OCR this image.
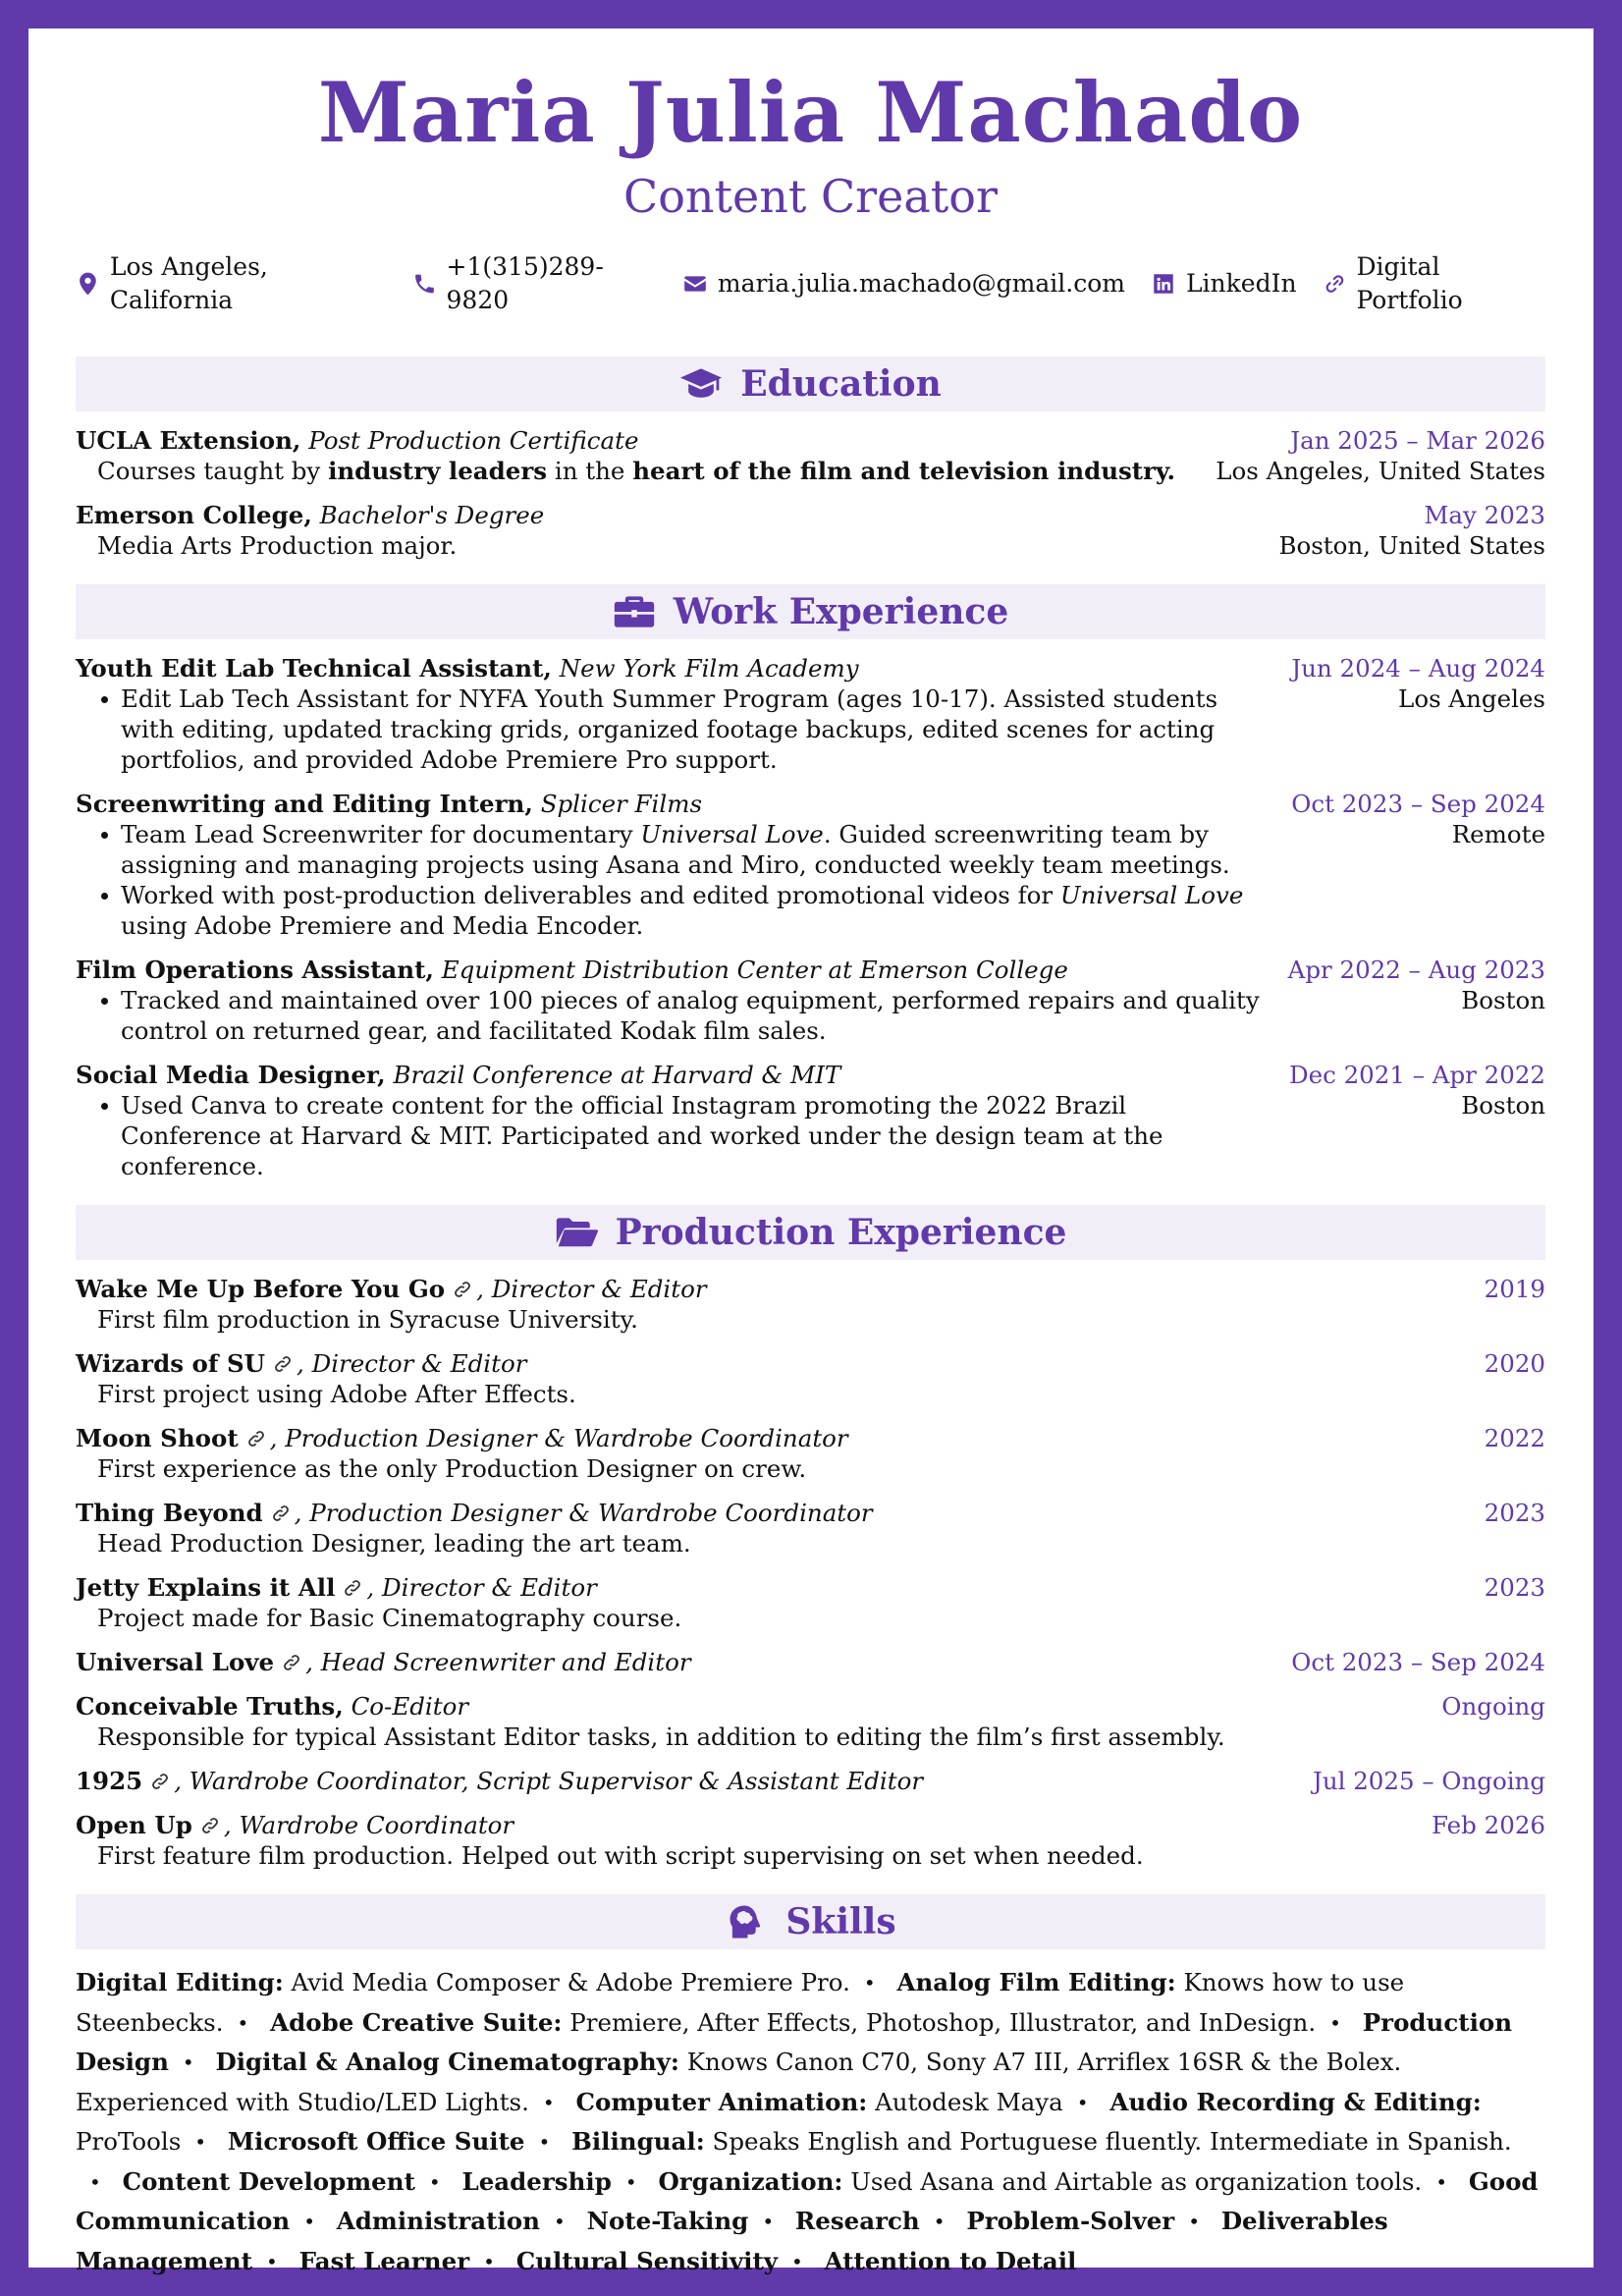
Maria Julia Machado
Content Creator
Los Angeles, California
+1(315)289-9820
maria.julia.machado@gmail.com LinkedIn
Digital Portfolio
Education
UCLA Extension, Post Production Certificate	Jan 2025 – Mar 2026
Courses taught by industry leaders in the heart of the film and television industry. Los Angeles, United States
Emerson College, Bachelor's Degree	May 2023
Media Arts Production major.	Boston, United States
Work Experience
Youth Edit Lab Technical Assistant, New York Film Academy	Jun 2024 – Aug 2024
Edit Lab Tech Assistant for NYFA Youth Summer Program (ages 10-17). Assisted students with editing, updated tracking grids, organized footage backups, edited scenes for acting portfolios, and provided Adobe Premiere Pro support.
Los Angeles
Screenwriting and Editing Intern, Splicer Films	Oct 2023 – Sep 2024
Team Lead Screenwriter for documentary Universal Love. Guided screenwriting team by assigning and managing projects using Asana and Miro, conducted weekly team meetings.
Worked with post-production deliverables and edited promotional videos for Universal Love using Adobe Premiere and Media Encoder.
Remote
Film Operations Assistant, Equipment Distribution Center at Emerson College	Apr 2022 – Aug 2023
Tracked and maintained over 100 pieces of analog equipment, performed repairs and quality control on returned gear, and facilitated Kodak film sales.
Boston
Social Media Designer, Brazil Conference at Harvard & MIT	Dec 2021 – Apr 2022
Used Canva to create content for the official Instagram promoting the 2022 Brazil Conference at Harvard & MIT. Participated and worked under the design team at the conference.
Boston
Production Experience
Wake Me Up Before You Go , Director & Editor	2019
First film production in Syracuse University.
Wizards of SU , Director & Editor	2020
First project using Adobe After Effects.
Moon Shoot , Production Designer & Wardrobe Coordinator	2022
First experience as the only Production Designer on crew.
Thing Beyond , Production Designer & Wardrobe Coordinator	2023
Head Production Designer, leading the art team.
Jetty Explains it All , Director & Editor	2023
Project made for Basic Cinematography course.
Universal Love , Head Screenwriter and Editor	Oct 2023 – Sep 2024
Conceivable Truths, Co-Editor	Ongoing
Responsible for typical Assistant Editor tasks, in addition to editing the film’s first assembly.
1925 , Wardrobe Coordinator, Script Supervisor & Assistant Editor	Jul 2025 – Ongoing
Open Up , Wardrobe Coordinator	Feb 2026
First feature film production. Helped out with script supervising on set when needed.
Skills
Digital Editing: Avid Media Composer & Adobe Premiere Pro. • Analog Film Editing: Knows how to use Steenbecks. • Adobe Creative Suite: Premiere, After Effects, Photoshop, Illustrator, and InDesign. • Production Design • Digital & Analog Cinematography: Knows Canon C70, Sony A7 III, Arriflex 16SR & the Bolex. Experienced with Studio/LED Lights. • Computer Animation: Autodesk Maya • Audio Recording & Editing: ProTools • Microsoft Office Suite • Bilingual: Speaks English and Portuguese fluently. Intermediate in Spanish.• Content Development • Leadership • Organization: Used Asana and Airtable as organization tools. • Good Communication • Administration • Note-Taking • Research • Problem-Solver • Deliverables Management • Fast Learner • Cultural Sensitivity • Attention to Detail
